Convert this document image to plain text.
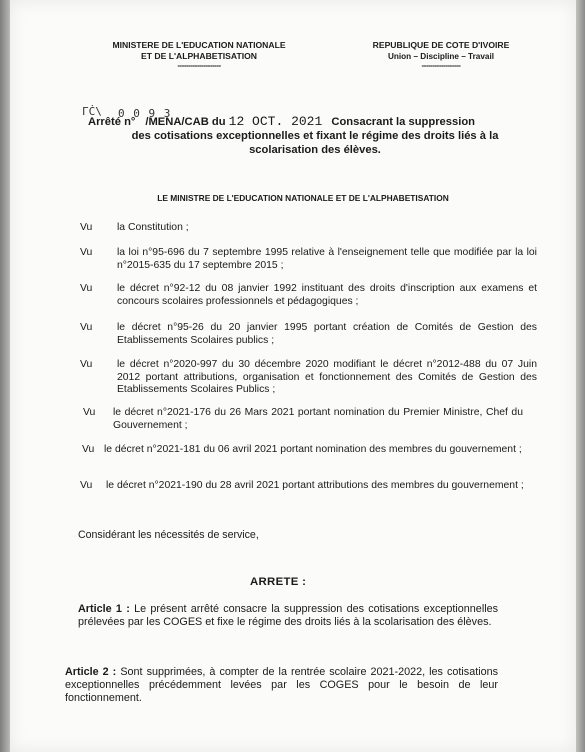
MINISTERE DE L'EDUCATION NATIONALE
ET DE L'ALPHABETISATION
--------------------
REPUBLIQUE DE COTE D'IVOIRE
Union – Discipline – Travail
------------------
ΓĊ\ 0 0 9 3
Arrêté n° /MENA/CAB du 12 OCT. 2021 Consacrant la suppression
des cotisations exceptionnelles et fixant le régime des droits liés à la
scolarisation des élèves.
LE MINISTRE DE L'EDUCATION NATIONALE ET DE L'ALPHABETISATION
Vu	la Constitution ;
Vu	la loi n°95-696 du 7 septembre 1995 relative à l'enseignement telle que modifiée par la loi n°2015-635 du 17 septembre 2015 ;
Vu	le décret n°92-12 du 08 janvier 1992 instituant des droits d'inscription aux examens et concours scolaires professionnels et pédagogiques ;
Vu	le décret n°95-26 du 20 janvier 1995 portant création de Comités de Gestion des Etablissements Scolaires publics ;
Vu	le décret n°2020-997 du 30 décembre 2020 modifiant le décret n°2012-488 du 07 Juin 2012 portant attributions, organisation et fonctionnement des Comités de Gestion des Etablissements Scolaires Publics ;
Vu	le décret n°2021-176 du 26 Mars 2021 portant nomination du Premier Ministre, Chef du Gouvernement ;
Vu le décret n°2021-181 du 06 avril 2021 portant nomination des membres du gouvernement ;
Vu	le décret n°2021-190 du 28 avril 2021 portant attributions des membres du gouvernement ;
Considérant les nécessités de service,
ARRETE :
Article 1 : Le présent arrêté consacre la suppression des cotisations exceptionnelles prélevées par les COGES et fixe le régime des droits liés à la scolarisation des élèves.
Article 2 : Sont supprimées, à compter de la rentrée scolaire 2021-2022, les cotisations exceptionnelles précédemment levées par les COGES pour le besoin de leur fonctionnement.
